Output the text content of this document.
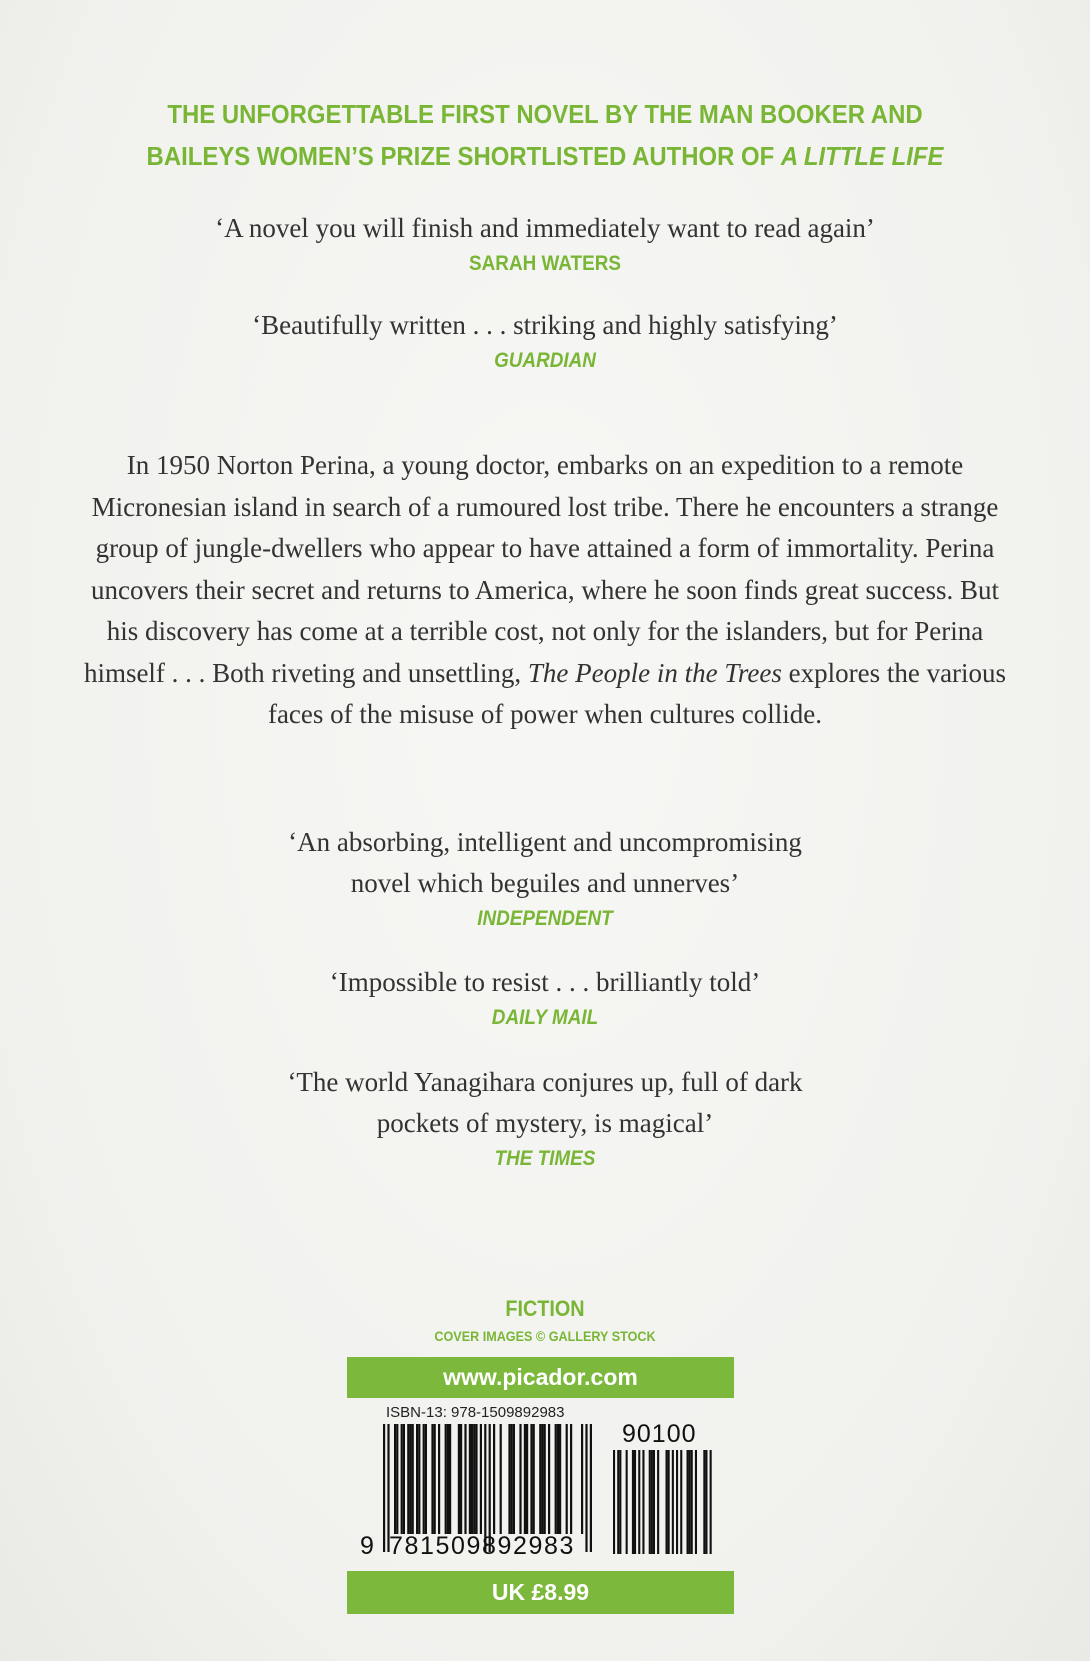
THE UNFORGETTABLE FIRST NOVEL BY THE MAN BOOKER AND
BAILEYS WOMEN’S PRIZE SHORTLISTED AUTHOR OF A LITTLE LIFE
‘A novel you will finish and immediately want to read again’
SARAH WATERS
‘Beautifully written . . . striking and highly satisfying’
GUARDIAN
In 1950 Norton Perina, a young doctor, embarks on an expedition to a remote Micronesian island in search of a rumoured lost tribe. There he encounters a strange group of jungle-dwellers who appear to have attained a form of immortality. Perina uncovers their secret and returns to America, where he soon finds great success. But his discovery has come at a terrible cost, not only for the islanders, but for Perina himself . . . Both riveting and unsettling, The People in the Trees explores the various faces of the misuse of power when cultures collide.
‘An absorbing, intelligent and uncompromising
novel which beguiles and unnerves’
INDEPENDENT
‘Impossible to resist . . . brilliantly told’
DAILY MAIL
‘The world Yanagihara conjures up, full of dark
pockets of mystery, is magical’
THE TIMES
FICTION
COVER IMAGES © GALLERY STOCK
www.picador.com
ISBN-13: 978-1509892983
90100
9 781509 892983
UK £8.99
